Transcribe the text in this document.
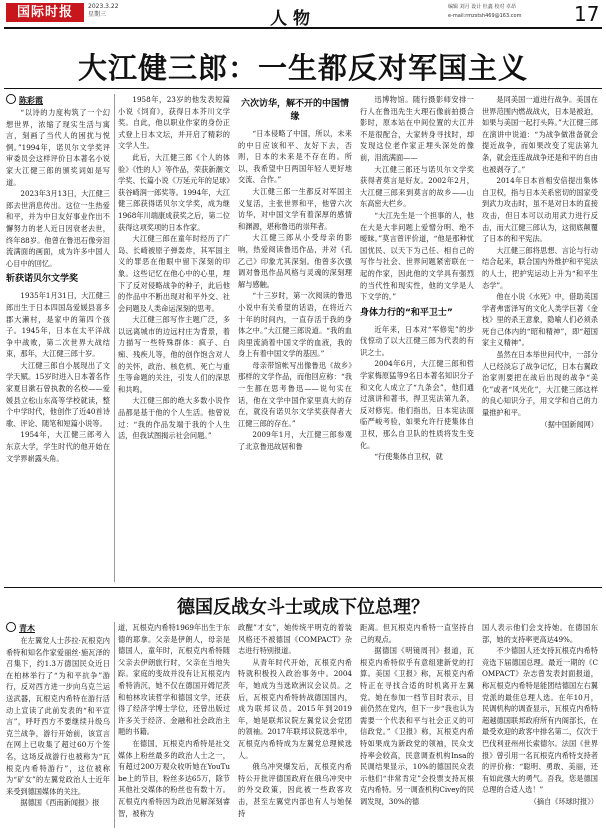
国际时报	2023.3.22
星期三	人物
编辑 刘月 设计 杜鑫 校对 卓昂
e-mail:rmzstsh469@163.com	17
大江健三郎：一生都反对军国主义
陈彩霞

“以诗的力度构筑了一个幻想世界，浓缩了现实生活与寓言，刻画了当代人的困扰与悦惘。”1994年，诺贝尔文学奖评审委员会这样评价日本著名小说家大江健三郎的颁奖词如是写道。

2023年3月13日，大江健三郎去世消息传出。这位一生热爱和平，并为中日友好事业作出不懈努力的老人近日因衰老去世，终年88岁。他曾在鲁迅石像旁泪流满面的画面，成为许多中国人心目中的回忆。

斩获诺贝尔文学奖

1935年1月31日，大江健三郎出生于日本四国岛爱媛县喜多郡大濑村，是家中的第四个孩子。1945年，日本在太平洋战争中战败，第二次世界大战结束，那年，大江健三郎十岁。

大江健三郎自小展现出了文学天赋。15岁时进入日本著名作家夏目漱石曾执教的名校——爱媛县立松山东高等学校就读，整个中学时代，他创作了近40首诗歌、评论、随笔和短篇小说等。

1954年，大江健三郎考入东京大学，学生时代的他开始在文学界崭露头角。

1958年，23岁的他发表短篇小说《饲育》，获得日本芥川文学奖。自此，他以职业作家的身份正式登上日本文坛，并开启了精彩的文学人生。

此后，大江健三郎《个人的体验》《性的人》等作品，荣获新潮文学奖、长篇小说《万延元年的足球》获谷崎润一郎奖等。1994年，大江健三郎获得诺贝尔文学奖，成为继1968年川端康成获奖之后，第二位获得这项奖项的日本作家。

大江健三郎在童年时经历了广岛、长崎被原子弹轰炸，其军国主义的罪恶在他眼中留下深刻的印象。这些记忆在他心中的心里，埋下了反对侵略战争的种子，此后他的作品中不断出现对和平外交、社会问题及人类命运深刻的思考。

大江健三郎写作主题广泛，多以远离城市的边远村庄为背景，着力描写一些特殊群体：疯子、白痴、残疾儿等，他的创作饱含对人的关怀，政治、核危机、死亡与重生等命题的关注，引发人们的深思和共鸣。

大江健三郎的绝大多数小说作品都是基于他的个人生活。他曾说过：“我的作品发端于我的个人生活，但我试图揭示社会问题。”

六次访华，解不开的中国情缘

“日本侵略了中国，所以，未来的中日应该和平、友好下去，否则，日本的未来是不存在的。所以，我希望中日两国年轻人更好地交流、合作。”

大江健三郎一生都反对军国主义复活，主张世界和平，他曾六次访华，对中国文学有着深厚的感情和渊源，堪称鲁迅的崇拜者。

大江健三郎从小受母亲的影响，热爱阅读鲁迅作品，并对《孔乙己》印象尤其深刻。他曾多次强调对鲁迅作品风格与灵魂的深刻理解与感触。

“十三岁时，第一次阅读的鲁迅小说中有关希望的话语，在将近六十年的时间内，一直存活于我的身体之中。”大江健三郎说道。“我的血肉里流淌着中国文学的血液，我的身上有着中国文学的基因。”

母亲带馆帐写出像鲁迅《故乡》那样的文学作品，而他回应称：“我一生都在思考鲁迅——说句实在话，他在文学中国作家里真大的存在，就没有诺贝尔文学奖获得者大江健三郎的存在。”

2009年1月，大江健三郎参观了北京鲁迅故居和鲁

迅博物馆。随行摄影师安排一行人在鲁迅先生大理石像前拍摄合影时，原本站在中间位置的大江并不是很配合，大家转身寻找时，却发现这位老作家正埋头深处的像前，泪流满面——

大江健三郎还与诺贝尔文学奖获得者莫言是好友。2002年2月，大江健三郎来到莫言的故乡——山东高密大栏乡。

“大江先生是一个担事的人，他在大是大非问题上爱憎分明、绝不暧昧。”莫言曾评价道，“他是那种忧国忧民、以天下为己任、相自己的写作与社会、世界问题紧密联在一起的作家，因此他的文学具有强烈的当代性和现实性，他的文学是人下文学的。”

身体力行的“和平卫士”

近年来，日本对“军修宪”的步伐惊动了以大江健三郎为代表的有识之士。

2004年6月，大江健三郎和哲学家梅原猛等9名日本著名知识分子和文化人成立了“九条会”，他们通过演讲和著书，捍卫宪法第九条，反对修宪。他们指出，日本宪法面临严峻考验，如果允许行使集体自卫权，那么自卫队的性质将发生变化。

“行使集体自卫权，就

是同美国一道进行战争。美国在世界范围内燃战战火，日本是被迫，如果与美国一起打头阵。”大江健三郎在演讲中说道：“为战争做准备就会提近战争，而如果改变了宪法第九条，就会连连战战争还是和平的自由也被剥夺了。”

2014年日本首相安倍提出集体自卫权，指与日本关系密切的国家受到武力攻击时，虽不是对日本的直接攻击，但日本可以动用武力进行反击，而大江健三郎认为，这彻底颠覆了日本的和平宪法。

大江健三郎将思想、言论与行动结合起来，联合国内外维护和平宪法的人士，把护宪运动上升为“和平生态学”。

他在小说《水死》中，借助英国学者弗雷泽写的文化人类学巨著《金枝》里的杀王意象，隐喻人们必须杀死自己体内的“昭和精神”，即“超国家主义精神”。

虽然在日本举世问代中，一部分人已经淡忘了战争记忆，日本右翼政治家则要把在战后出现的战争“美化”或者“风光化”，大江健三郎这样的良心知识分子，用文学和自己的力量推护和平。

（据中国新闻网）
德国反战女斗士或成下位总理？
青木

在左翼党人士莎拉·瓦根克内希特和知名作家爱丽丝·施瓦泽的召集下，约1.3万德国民众近日在柏林举行了“为和平抗争”游行，反对西方进一步向乌克兰运送武器，瓦根克内希特在游行活动上宣读了此前发表的“和平宣言”，呼吁西方不要继续升级乌克兰战争，游行开始前，该宣言在网上已收集了超过60万个签名，这场反战游行也被称为“瓦根克内希特游行”，这位被称为“矿女”的左翼党政治人士近年来受到德国媒体的关注。

据德国《西南新闻报》报

道，瓦根克内希特1969年出生于东德的耶拿。父亲是伊朗人，母亲是德国人，童年时，瓦根克内希特随父亲去伊朗旅行时，父亲在当地失踪。家庭的变故并没有让瓦根克内希特消沉，她不仅在德国开姆尼茨和柏林攻读哲学和德国文学，还获得了经济学博士学位，还曾出版过许多关于经济、金融和社会政治主题的书籍。

在德国，瓦根克内希特是社交媒体上粉丝最多的政治人士之一，有超过200万观众收听她在YouTube上的节目，粉丝多达65万，除节其他社交媒体的粉丝也有数十万。瓦根克内希特因为政治见解深刻睿智，被称为

政醒”才女”，她传统平明克的着装风格还不被德国《COMPACT》杂志进行特别报道。

从青年时代开始，瓦根克内希特就积极投入政治事务中。2004年，她成为当选欧洲议会议员。之后，瓦根克内希特转战德国国内，成为联邦议员。2015年到2019年，她是联邦议院左翼党议会党团的领袖。2017年联邦议院选举中，瓦根克内希特成为左翼党总理候选人。

俄乌冲突爆发后，瓦根克内希特公开批评德国政府在俄乌冲突中的外交政策，因此被一些政客攻击，甚至左翼党内部也有人与她保持

距离。但瓦根克内希特一直坚持自己的观点。

据德国《明镜周刊》报道，瓦根克内希特似乎有意组建新党的打算。美国《卫报》称，瓦根克内希特正在寻找合适的时机离开左翼党。她在参加一档节目时表示，目前仍然在党内，但下一步“我也认为需要一个代表和平与社会正义的可信政党。”《卫报》称，瓦根克内希特如果成为新政党的领袖，民众支持率会较高，民意调查机构Insa的民调结果显示，10%的德国民众表示他们“非常肯定”会投票支持瓦根克内希特。另一调查机构Civey的民调发现，30%的德

国人表示他们会支持她。在德国东部，她的支持率更高达49%。

不少德国人还支持瓦根克内希特竞选下届德国总理。最近一期的《COMPACT》杂志曾发表封面报道，称瓦根克内希特是能团结德国左右翼党派的最佳总理人选。在年10月，民调机构的调查显示，瓦根克内希特超越德国联邦政府所有内阁部长，在最受欢迎的政客中排名第二，仅次于巴伐利亚州州长索德尔。法国《世界报》曾引用一名瓦根克内希特支持者的评价称：“聪明、勇敢、美丽，还有如此强大的勇气。吾我，您是德国总理的合适人选！”

（摘自《环球时报》）
